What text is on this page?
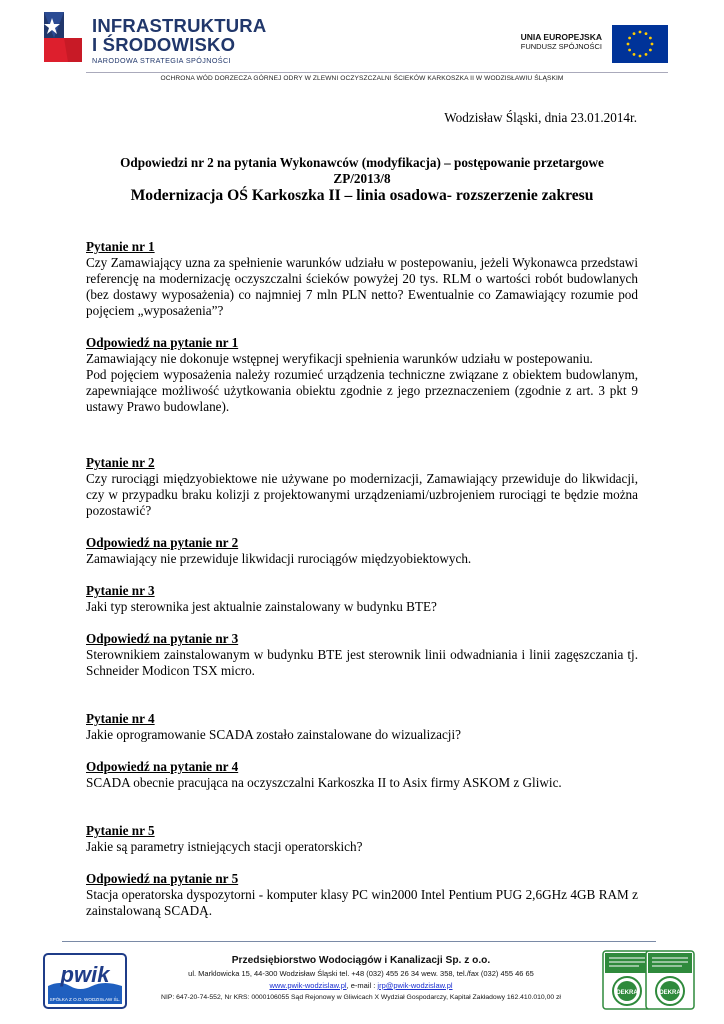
INFRASTRUKTURA
I ŚRODOWISKO
NARODOWA STRATEGIA SPÓJNOŚCI
UNIA EUROPEJSKA
FUNDUSZ SPÓJNOŚCI
OCHRONA WÓD DORZECZA GÓRNEJ ODRY W ZLEWNI OCZYSZCZALNI ŚCIEKÓW KARKOSZKA II W WODZISŁAWIU ŚLĄSKIM
Wodzisław Śląski, dnia 23.01.2014r.
Odpowiedzi nr 2 na pytania Wykonawców (modyfikacja) – postępowanie przetargowe
ZP/2013/8
Modernizacja OŚ Karkoszka II – linia osadowa- rozszerzenie zakresu
Pytanie nr 1
Czy Zamawiający uzna za spełnienie warunków udziału w postepowaniu, jeżeli Wykonawca przedstawi referencję na modernizację oczyszczalni ścieków powyżej 20 tys. RLM o wartości robót budowlanych (bez dostawy wyposażenia) co najmniej 7 mln PLN netto? Ewentualnie co Zamawiający rozumie pod pojęciem „wyposażenia”?
Odpowiedź na pytanie nr 1
Zamawiający nie dokonuje wstępnej weryfikacji spełnienia warunków udziału w postepowaniu.
Pod pojęciem wyposażenia należy rozumieć urządzenia techniczne związane z obiektem budowlanym, zapewniające możliwość użytkowania obiektu zgodnie z jego przeznaczeniem (zgodnie z art. 3 pkt 9 ustawy Prawo budowlane).
Pytanie nr 2
Czy rurociągi międzyobiektowe nie używane po modernizacji, Zamawiający przewiduje do likwidacji, czy w przypadku braku kolizji z projektowanymi urządzeniami/uzbrojeniem rurociągi te będzie można pozostawić?
Odpowiedź na pytanie nr 2
Zamawiający nie przewiduje likwidacji rurociągów międzyobiektowych.
Pytanie nr 3
Jaki typ sterownika jest aktualnie zainstalowany w budynku BTE?
Odpowiedź na pytanie nr 3
Sterownikiem zainstalowanym w budynku BTE jest sterownik linii odwadniania i linii zagęszczania tj. Schneider Modicon TSX micro.
Pytanie nr 4
Jakie oprogramowanie SCADA zostało zainstalowane do wizualizacji?
Odpowiedź na pytanie nr 4
SCADA obecnie pracująca na oczyszczalni Karkoszka II to Asix firmy ASKOM z Gliwic.
Pytanie nr 5
Jakie są parametry istniejących stacji operatorskich?
Odpowiedź na pytanie nr 5
Stacja operatorska dyspozytorni - komputer klasy PC win2000 Intel Pentium PUG 2,6GHz 4GB RAM z zainstalowaną SCADĄ.
pwik
SPÓŁKA Z O.O. WODZISŁAW ŚL.
Przedsiębiorstwo Wodociągów i Kanalizacji Sp. z o.o.
ul. Marklowicka 15, 44-300 Wodzisław Śląski tel. +48 (032) 455 26 34 wew. 358, tel./fax (032) 455 46 65
www.pwik-wodzislaw.pl, e-mail : jrp@pwik-wodzislaw.pl
NIP: 647-20-74-552, Nr KRS: 0000106055 Sąd Rejonowy w Gliwicach X Wydział Gospodarczy, Kapitał Zakładowy 162.410.010,00 zł
DEKRA	DEKRA
